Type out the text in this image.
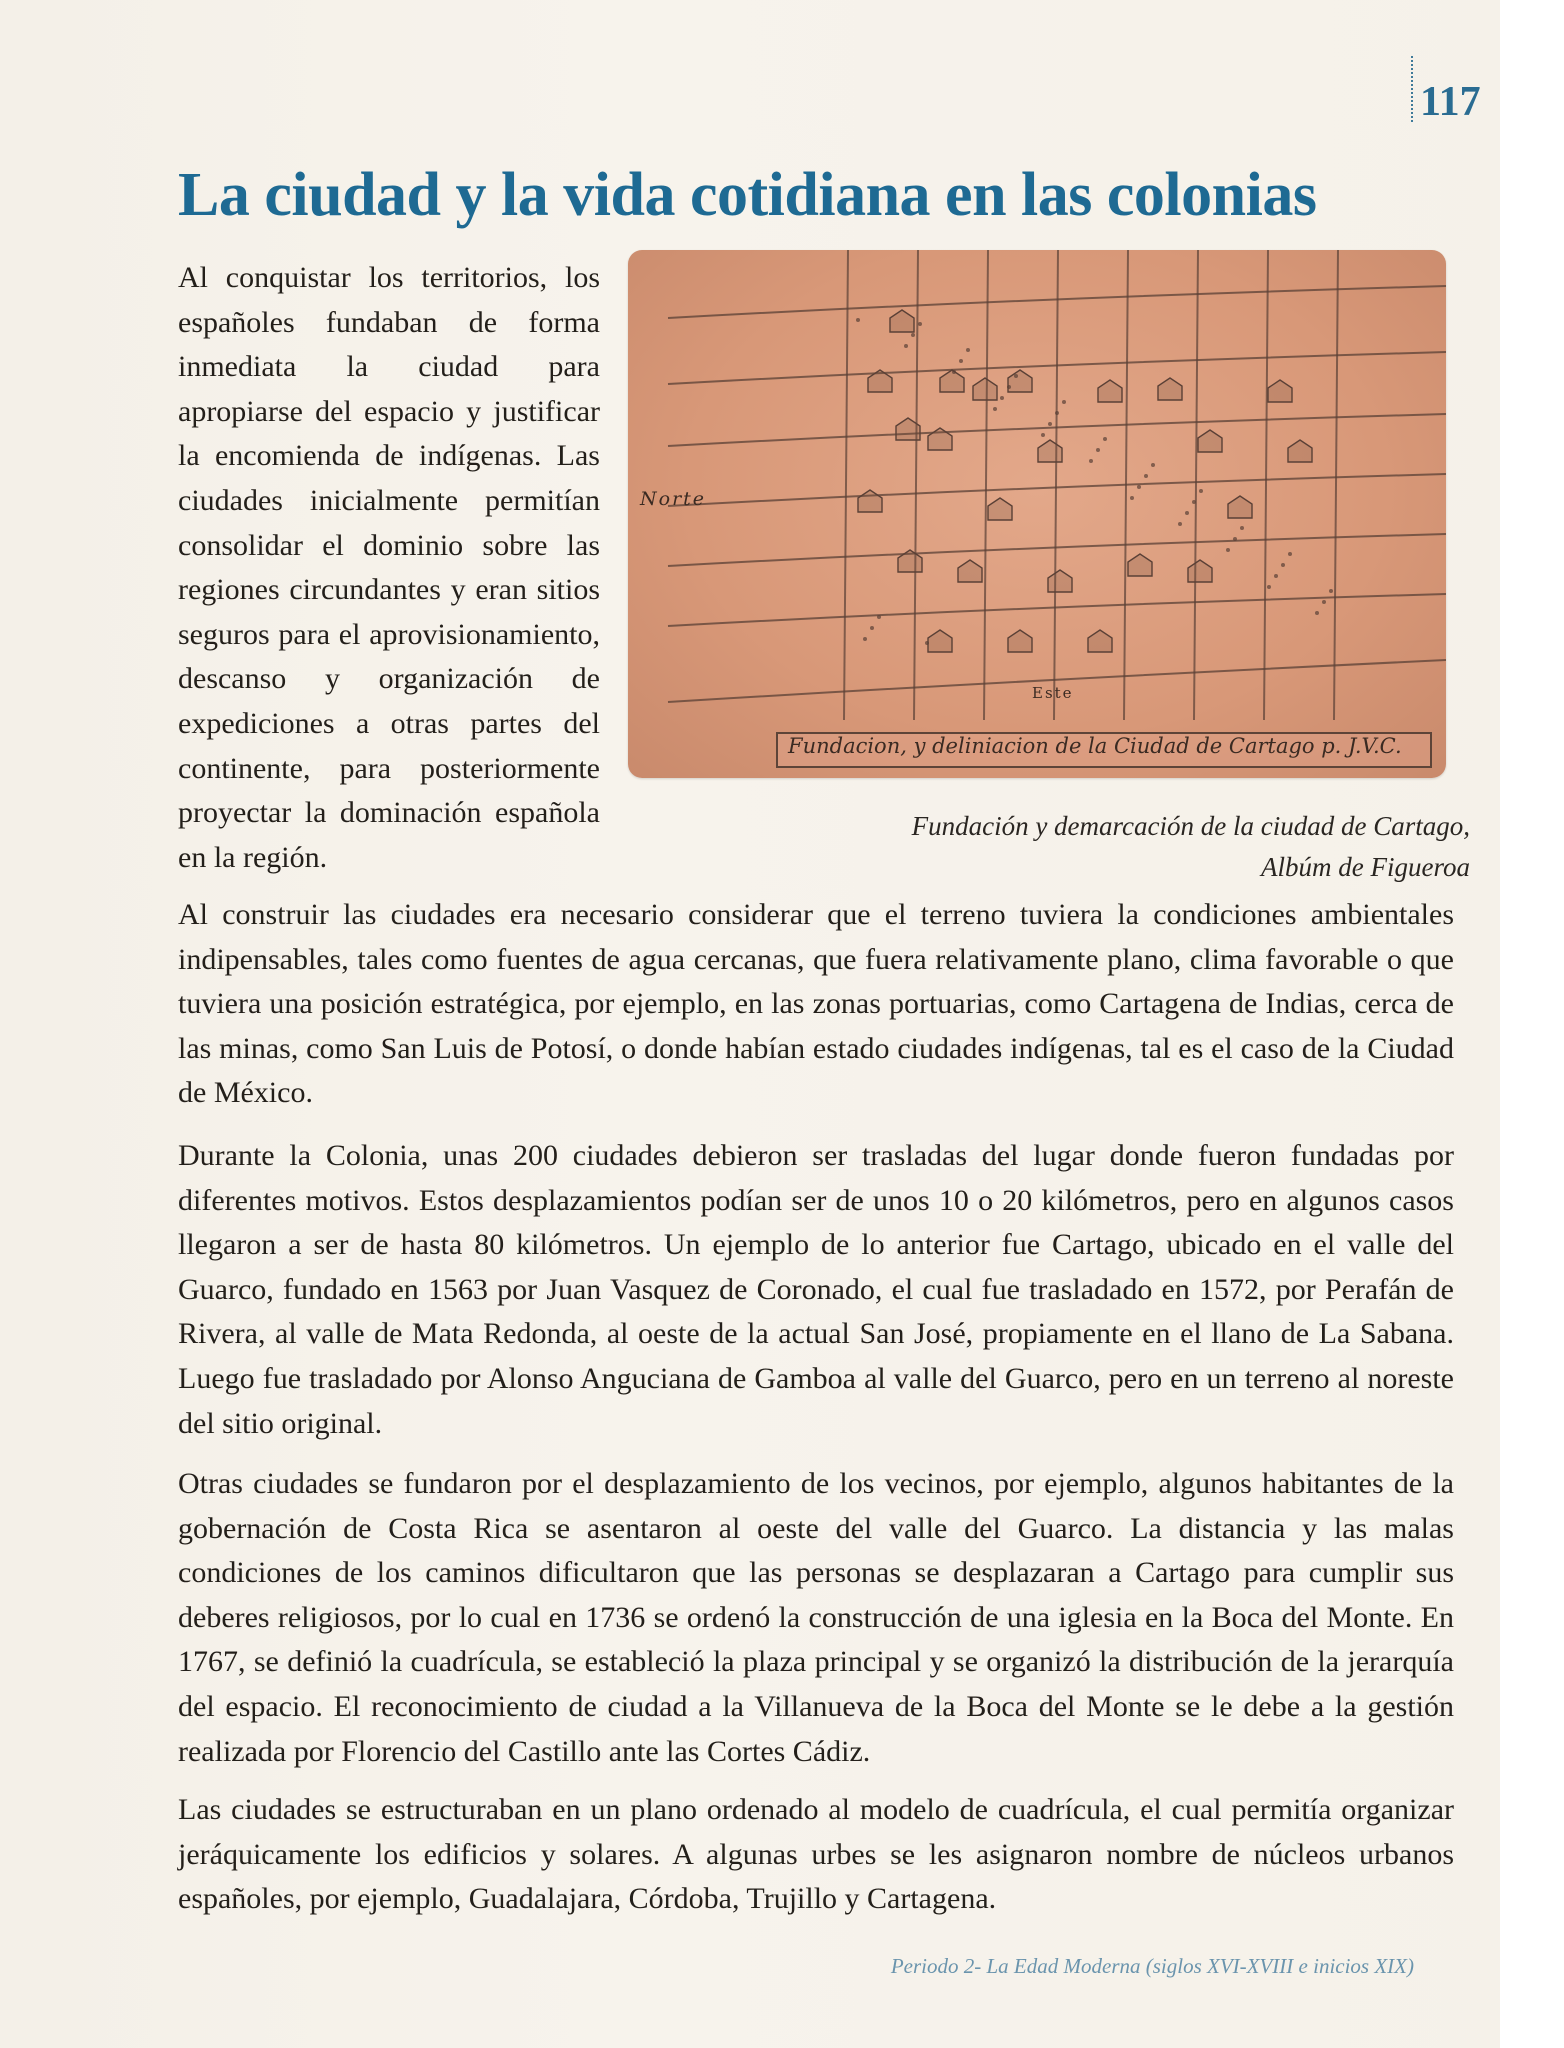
117
La ciudad y la vida cotidiana en las colonias

Al conquistar los territorios, los españoles fundaban de forma inmediata la ciudad para apropiarse del espacio y justificar la encomienda de indígenas. Las ciudades inicialmente permitían consolidar el dominio sobre las regiones circundantes y eran sitios seguros para el aprovisionamiento, descanso y organización de expediciones a otras partes del continente, para posteriormente proyectar la dominación española en la región.

Norte
Este
Fundacion, y deliniacion de la Ciudad de Cartago p. J.V.C.
Fundación y demarcación de la ciudad de Cartago,
Albúm de Figueroa

Al construir las ciudades era necesario considerar que el terreno tuviera la condiciones ambientales indipensables, tales como fuentes de agua cercanas, que fuera relativamente plano, clima favorable o que tuviera una posición estratégica, por ejemplo, en las zonas portuarias, como Cartagena de Indias, cerca de las minas, como San Luis de Potosí, o donde habían estado ciudades indígenas, tal es el caso de la Ciudad de México.

Durante la Colonia, unas 200 ciudades debieron ser trasladas del lugar donde fueron fundadas por diferentes motivos. Estos desplazamientos podían ser de unos 10 o 20 kilómetros, pero en algunos casos llegaron a ser de hasta 80 kilómetros. Un ejemplo de lo anterior fue Cartago, ubicado en el valle del Guarco, fundado en 1563 por Juan Vasquez de Coronado, el cual fue trasladado en 1572, por Perafán de Rivera, al valle de Mata Redonda, al oeste de la actual San José, propiamente en el llano de La Sabana. Luego fue trasladado por Alonso Anguciana de Gamboa al valle del Guarco, pero en un terreno al noreste del sitio original.

Otras ciudades se fundaron por el desplazamiento de los vecinos, por ejemplo, algunos habitantes de la gobernación de Costa Rica se asentaron al oeste del valle del Guarco. La distancia y las malas condiciones de los caminos dificultaron que las personas se desplazaran a Cartago para cumplir sus deberes religiosos, por lo cual en 1736 se ordenó la construcción de una iglesia en la Boca del Monte. En 1767, se definió la cuadrícula, se estableció la plaza principal y se organizó la distribución de la jerarquía del espacio. El reconocimiento de ciudad a la Villanueva de la Boca del Monte se le debe a la gestión realizada por Florencio del Castillo ante las Cortes Cádiz.

Las ciudades se estructuraban en un plano ordenado al modelo de cuadrícula, el cual permitía organizar jeráquicamente los edificios y solares. A algunas urbes se les asignaron nombre de núcleos urbanos españoles, por ejemplo, Guadalajara, Córdoba, Trujillo y Cartagena.

Periodo 2- La Edad Moderna (siglos XVI-XVIII e inicios XIX)
